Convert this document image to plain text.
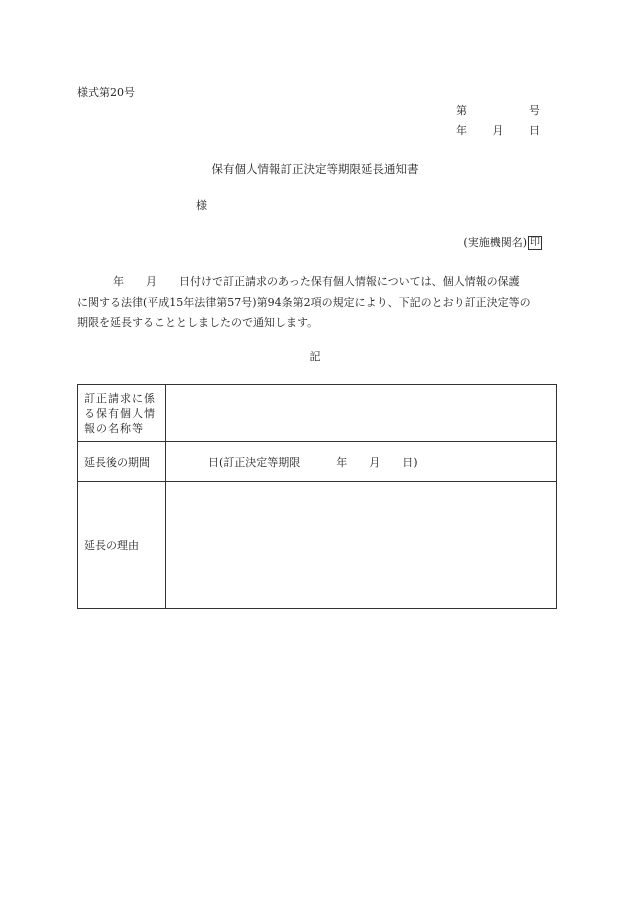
様式第20号
第	号
年 月 日
保有個人情報訂正決定等期限延長通知書
様
(実施機関名) 印
年 月 日付けで訂正請求のあった保有個人情報については、個人情報の保護
に関する法律(平成15年法律第57号)第94条第2項の規定により、下記のとおり訂正決定等の
期限を延長することとしましたので通知します。
記
訂正請求に係
る保有個人情
報の名称等	

延長後の期間	日(訂正決定等期限 年 月 日)

延長の理由	
